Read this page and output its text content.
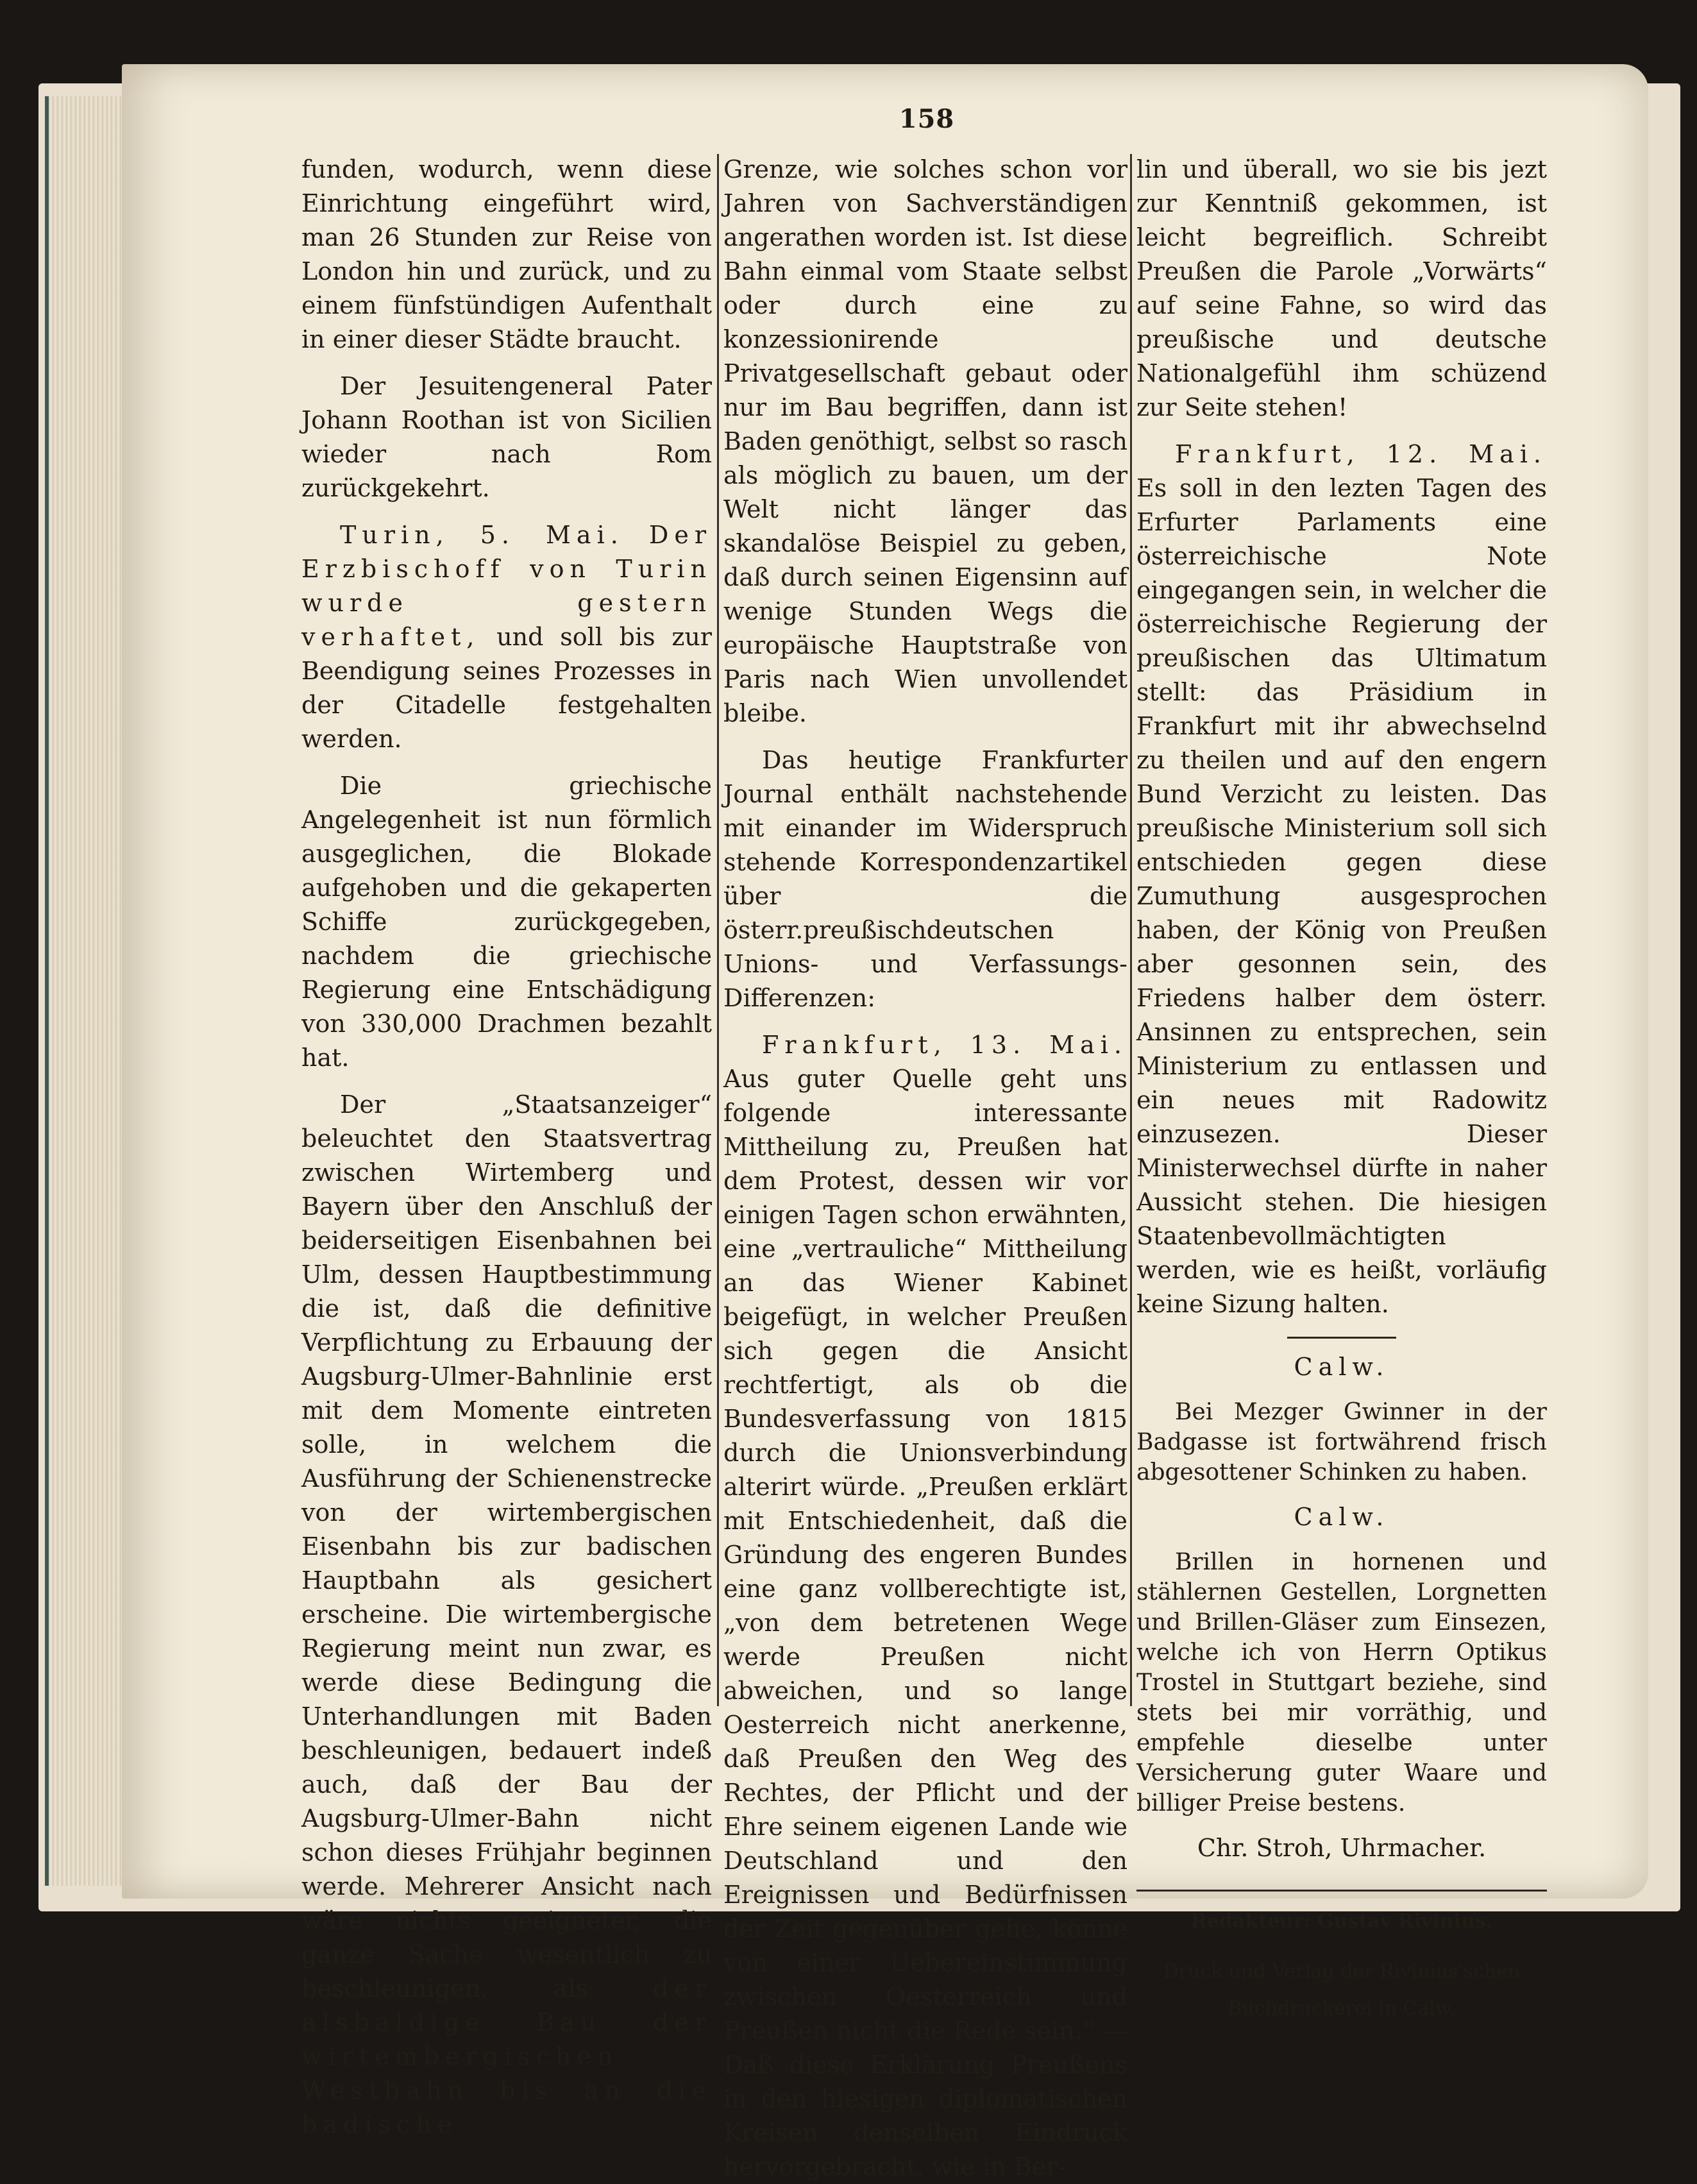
158

funden, wodurch, wenn diese Einrichtung eingeführt wird, man 26 Stunden zur Reise von London hin und zurück, und zu einem fünfstündigen Aufenthalt in einer dieser Städte braucht.

Der Jesuitengeneral Pater Johann Roothan ist von Sicilien wieder nach Rom zurückgekehrt.

Turin, 5. Mai. Der Erzbischoff von Turin wurde gestern verhaftet, und soll bis zur Beendigung seines Prozesses in der Citadelle festgehalten werden.

Die griechische Angelegenheit ist nun förmlich ausgeglichen, die Blokade aufgehoben und die gekaperten Schiffe zurückgegeben, nachdem die griechische Regierung eine Entschädigung von 330,000 Drachmen bezahlt hat.

Der „Staatsanzeiger“ beleuchtet den Staatsvertrag zwischen Wirtemberg und Bayern über den Anschluß der beiderseitigen Eisenbahnen bei Ulm, dessen Hauptbestimmung die ist, daß die definitive Verpflichtung zu Erbauung der Augsburg-Ulmer-Bahnlinie erst mit dem Momente eintreten solle, in welchem die Ausführung der Schienenstrecke von der wirtembergischen Eisenbahn bis zur badischen Hauptbahn als gesichert erscheine. Die wirtembergische Regierung meint nun zwar, es werde diese Bedingung die Unterhandlungen mit Baden beschleunigen, bedauert indeß auch, daß der Bau der Augsburg-Ulmer-Bahn nicht schon dieses Frühjahr beginnen werde. Mehrerer Ansicht nach wäre nichts geeigneter, die ganze Sache wesentlich zu beschleunigen, als	der alsbaldige Bau der wirtembergischen Westbahn bis an die badische

Grenze, wie solches schon vor Jahren von Sachverständigen angerathen worden ist. Ist diese Bahn einmal vom Staate selbst oder durch eine zu konzessionirende Privatgesellschaft gebaut oder nur im Bau begriffen, dann ist Baden genöthigt, selbst so rasch als möglich zu bauen, um der Welt nicht länger das skandalöse Beispiel zu geben, daß durch seinen Eigensinn auf wenige Stunden Wegs die europäische Hauptstraße von Paris nach Wien unvollendet bleibe.

Das heutige Frankfurter Journal enthält nachstehende mit einander im Widerspruch stehende Korrespondenzartikel über die österr.preußischdeutschen Unions- und Verfassungs-Differenzen:

Frankfurt, 13. Mai. Aus guter Quelle geht uns folgende interessante Mittheilung zu, Preußen hat dem Protest, dessen wir vor einigen Tagen schon erwähnten, eine „vertrauliche“ Mittheilung an das Wiener Kabinet beigefügt, in welcher Preußen sich gegen die Ansicht rechtfertigt, als ob die Bundesverfassung von 1815 durch die Unionsverbindung alterirt würde. „Preußen erklärt mit Entschiedenheit, daß die Gründung des engeren Bundes eine ganz vollberechtigte ist, „von dem betretenen Wege werde Preußen nicht abweichen, und so lange Oesterreich nicht anerkenne, daß Preußen den Weg des Rechtes, der Pflicht und der Ehre seinem eigenen Lande wie Deutschland und den Ereignissen und Bedürfnissen der Zeit gegenüber gehe, könne von einer Uebereinstimmung zwischen Oesterreich und Preußen nicht die Rede sein.“ — Daß diese Erklärung Preußens in den hiesigen diplomatischen Kreisen denselben Eindruck hervorgebracht, wie in Ber-

lin und überall, wo sie bis jezt zur Kenntniß gekommen, ist leicht begreiflich. Schreibt Preußen die Parole „Vorwärts“ auf seine Fahne, so wird das preußische und deutsche Nationalgefühl ihm schüzend zur Seite stehen!

Frankfurt, 12. Mai. Es soll in den lezten Tagen des Erfurter Parlaments eine österreichische Note eingegangen sein, in welcher die österreichische Regierung der preußischen das Ultimatum stellt: das Präsidium in Frankfurt mit ihr abwechselnd zu theilen und auf den engern Bund Verzicht zu leisten. Das preußische Ministerium soll sich entschieden gegen diese Zumuthung ausgesprochen haben, der König von Preußen aber gesonnen sein, des Friedens halber dem österr. Ansinnen zu entsprechen, sein Ministerium zu entlassen und ein neues mit Radowitz einzusezen. Dieser Ministerwechsel dürfte in naher Aussicht stehen. Die hiesigen Staatenbevollmächtigten werden, wie es heißt, vorläufig keine Sizung halten.

Calw.

Bei Mezger Gwinner in der Badgasse ist fortwährend frisch abgesottener Schinken zu haben.

Calw.

Brillen in hornenen und stählernen Gestellen, Lorgnetten und Brillen-Gläser zum Einsezen, welche ich von Herrn Optikus Trostel in Stuttgart beziehe, sind stets bei mir vorräthig, und empfehle dieselbe unter Versicherung guter Waare und billiger Preise bestens.

Chr. Stroh, Uhrmacher.

Redakteur: Gustav Rivinius.

Druck und Verlag der Rivinius'schen Buchdruckerei in Calw.
